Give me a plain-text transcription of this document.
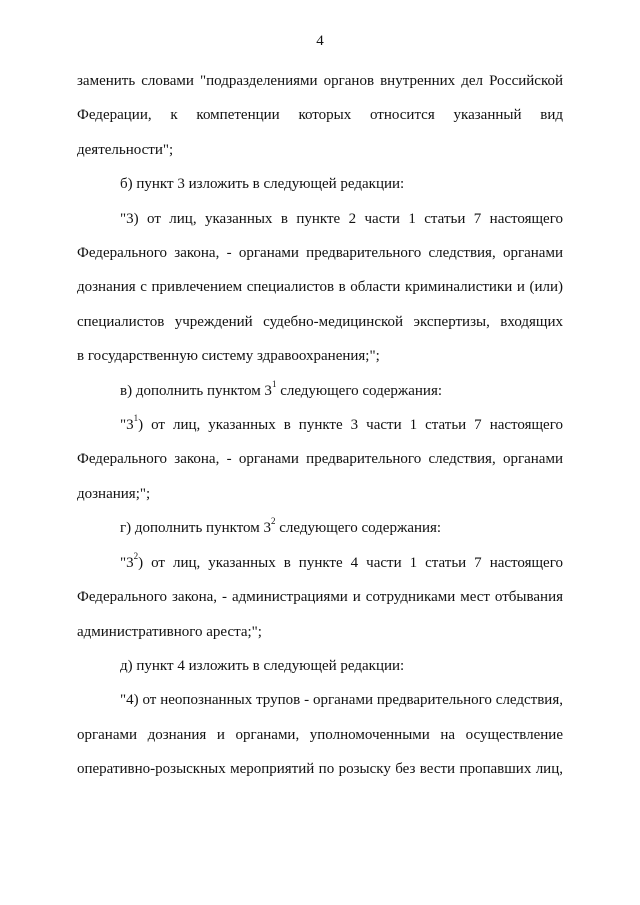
4

заменить словами "подразделениями органов внутренних дел Российской
Федерации, к компетенции которых относится указанный вид
деятельности";

б) пункт 3 изложить в следующей редакции:

"3) от лиц, указанных в пункте 2 части 1 статьи 7 настоящего
Федерального закона, - органами предварительного следствия, органами
дознания с привлечением специалистов в области криминалистики и (или)
специалистов учреждений судебно-медицинской экспертизы, входящих
в государственную систему здравоохранения;";

в) дополнить пунктом $3^1$ следующего содержания:

"$3^1$) от лиц, указанных в пункте 3 части 1 статьи 7 настоящего
Федерального закона, - органами предварительного следствия, органами
дознания;";

г) дополнить пунктом $3^2$ следующего содержания:

"$3^2$) от лиц, указанных в пункте 4 части 1 статьи 7 настоящего
Федерального закона, - администрациями и сотрудниками мест отбывания
административного ареста;";

д) пункт 4 изложить в следующей редакции:

"4) от неопознанных трупов - органами предварительного следствия,
органами дознания и органами, уполномоченными на осуществление
оперативно-розыскных мероприятий по розыску без вести пропавших лиц,
